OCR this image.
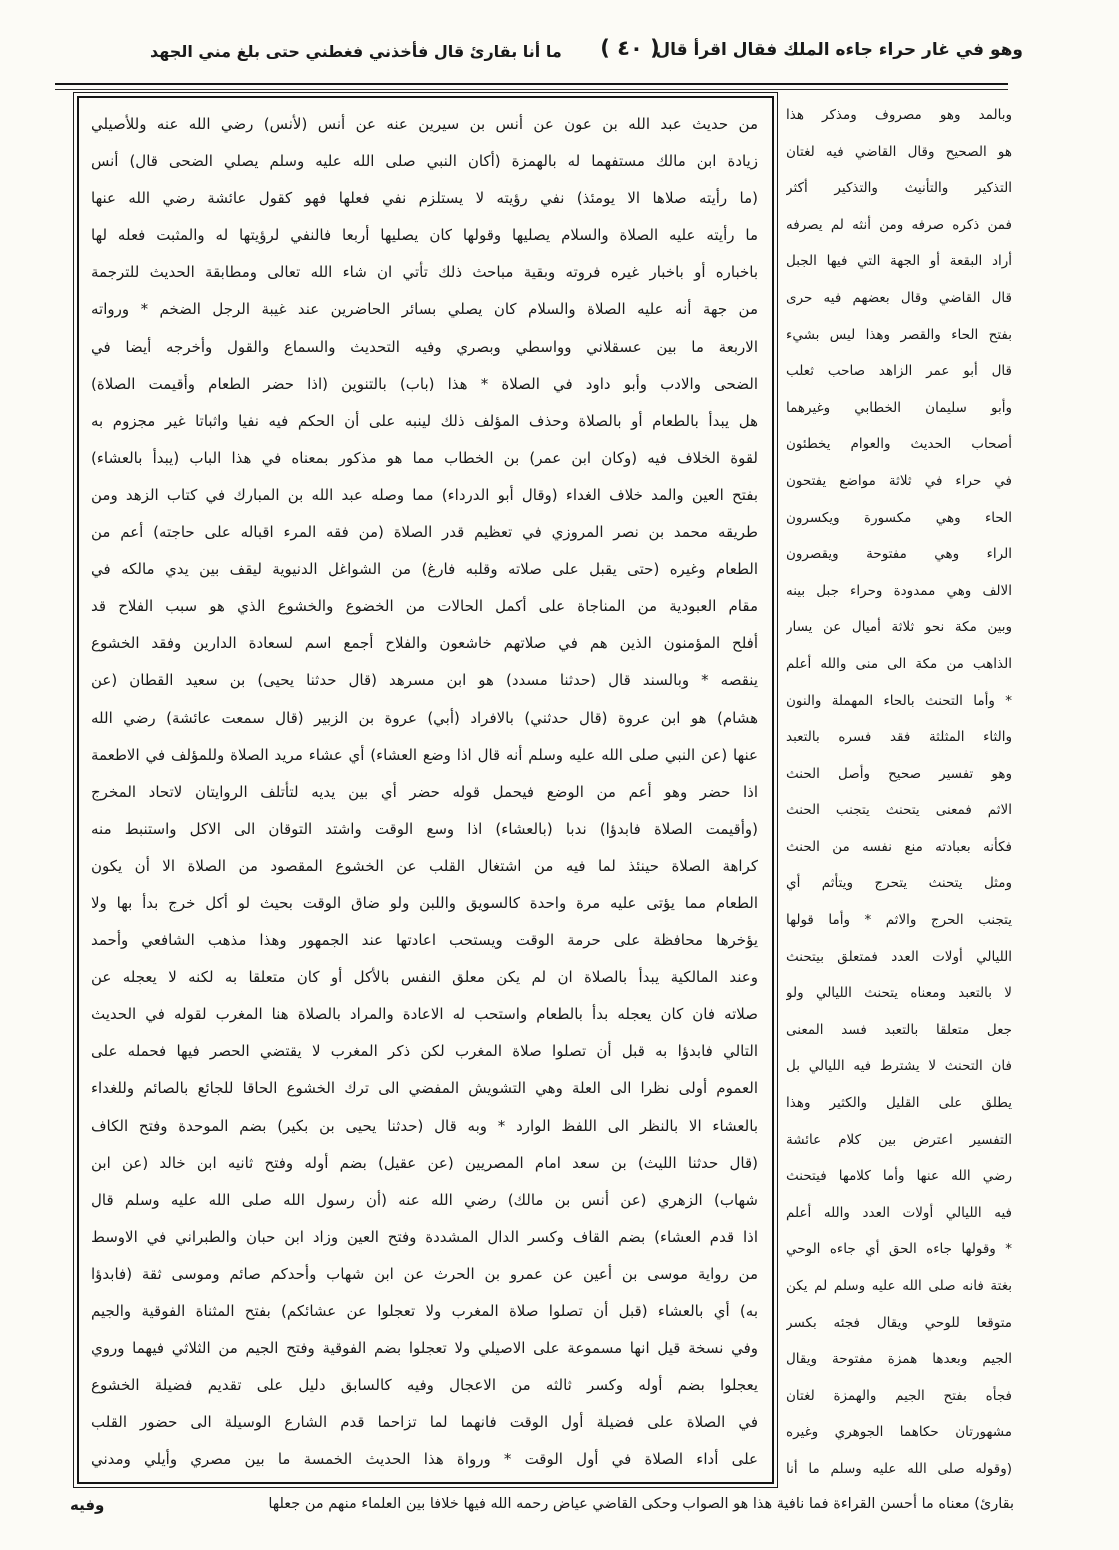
وهو في غار حراء جاءه الملك فقال اقرأ قال
( ٤٠ )
ما أنا بقارئ قال فأخذني فغطني حتى بلغ مني الجهد
من حديث عبد الله بن عون عن أنس بن سيرين عنه عن أنس (لأنس) رضي الله عنه وللأصيلي
زيادة ابن مالك مستفهما له بالهمزة (أكان النبي صلى الله عليه وسلم يصلي الضحى قال) أنس
(ما رأيته صلاها الا يومئذ) نفي رؤيته لا يستلزم نفي فعلها فهو كقول عائشة رضي الله عنها
ما رأيته عليه الصلاة والسلام يصليها وقولها كان يصليها أربعا فالنفي لرؤيتها له والمثبت فعله لها
باخباره أو باخبار غيره فروته وبقية مباحث ذلك تأتي ان شاء الله تعالى ومطابقة الحديث للترجمة
من جهة أنه عليه الصلاة والسلام كان يصلي بسائر الحاضرين عند غيبة الرجل الضخم * ورواته
الاربعة ما بين عسقلاني وواسطي وبصري وفيه التحديث والسماع والقول وأخرجه أيضا في
الضحى والادب وأبو داود في الصلاة * هذا (باب) بالتنوين (اذا حضر الطعام وأقيمت الصلاة)
هل يبدأ بالطعام أو بالصلاة وحذف المؤلف ذلك لينبه على أن الحكم فيه نفيا واثباتا غير مجزوم به
لقوة الخلاف فيه (وكان ابن عمر) بن الخطاب مما هو مذكور بمعناه في هذا الباب (يبدأ بالعشاء)
بفتح العين والمد خلاف الغداء (وقال أبو الدرداء) مما وصله عبد الله بن المبارك في كتاب الزهد ومن
طريقه محمد بن نصر المروزي في تعظيم قدر الصلاة (من فقه المرء اقباله على حاجته) أعم من
الطعام وغيره (حتى يقبل على صلاته وقلبه فارغ) من الشواغل الدنيوية ليقف بين يدي مالكه في
مقام العبودية من المناجاة على أكمل الحالات من الخضوع والخشوع الذي هو سبب الفلاح قد
أفلح المؤمنون الذين هم في صلاتهم خاشعون والفلاح أجمع اسم لسعادة الدارين وفقد الخشوع
ينقصه * وبالسند قال (حدثنا مسدد) هو ابن مسرهد (قال حدثنا يحيى) بن سعيد القطان (عن
هشام) هو ابن عروة (قال حدثني) بالافراد (أبي) عروة بن الزبير (قال سمعت عائشة) رضي الله
عنها (عن النبي صلى الله عليه وسلم أنه قال اذا وضع العشاء) أي عشاء مريد الصلاة وللمؤلف في الاطعمة
اذا حضر وهو أعم من الوضع فيحمل قوله حضر أي بين يديه لتأتلف الروايتان لاتحاد المخرج
(وأقيمت الصلاة فابدؤا) ندبا (بالعشاء) اذا وسع الوقت واشتد التوقان الى الاكل واستنبط منه
كراهة الصلاة حينئذ لما فيه من اشتغال القلب عن الخشوع المقصود من الصلاة الا أن يكون
الطعام مما يؤتى عليه مرة واحدة كالسويق واللبن ولو ضاق الوقت بحيث لو أكل خرج بدأ بها ولا
يؤخرها محافظة على حرمة الوقت ويستحب اعادتها عند الجمهور وهذا مذهب الشافعي وأحمد
وعند المالكية يبدأ بالصلاة ان لم يكن معلق النفس بالأكل أو كان متعلقا به لكنه لا يعجله عن
صلاته فان كان يعجله بدأ بالطعام واستحب له الاعادة والمراد بالصلاة هنا المغرب لقوله في الحديث
التالي فابدؤا به قبل أن تصلوا صلاة المغرب لكن ذكر المغرب لا يقتضي الحصر فيها فحمله على
العموم أولى نظرا الى العلة وهي التشويش المفضي الى ترك الخشوع الحاقا للجائع بالصائم وللغداء
بالعشاء الا بالنظر الى اللفظ الوارد * وبه قال (حدثنا يحيى بن بكير) بضم الموحدة وفتح الكاف
(قال حدثنا الليث) بن سعد امام المصريين (عن عقيل) بضم أوله وفتح ثانيه ابن خالد (عن ابن
شهاب) الزهري (عن أنس بن مالك) رضي الله عنه (أن رسول الله صلى الله عليه وسلم قال
اذا قدم العشاء) بضم القاف وكسر الدال المشددة وفتح العين وزاد ابن حبان والطبراني في الاوسط
من رواية موسى بن أعين عن عمرو بن الحرث عن ابن شهاب وأحدكم صائم وموسى ثقة (فابدؤا
به) أي بالعشاء (قبل أن تصلوا صلاة المغرب ولا تعجلوا عن عشائكم) بفتح المثناة الفوقية والجيم
وفي نسخة قيل انها مسموعة على الاصيلي ولا تعجلوا بضم الفوقية وفتح الجيم من الثلاثي فيهما وروي
يعجلوا بضم أوله وكسر ثالثه من الاعجال وفيه كالسابق دليل على تقديم فضيلة الخشوع
في الصلاة على فضيلة أول الوقت فانهما لما تزاحما قدم الشارع الوسيلة الى حضور القلب
على أداء الصلاة في أول الوقت * ورواة هذا الحديث الخمسة ما بين مصري وأيلي ومدني
وبالمد وهو مصروف ومذكر هذا
هو الصحيح وقال القاضي فيه لغتان
التذكير والتأنيث والتذكير أكثر
فمن ذكره صرفه ومن أنثه لم يصرفه
أراد البقعة أو الجهة التي فيها الجبل
قال القاضي وقال بعضهم فيه حرى
بفتح الحاء والقصر وهذا ليس بشيء
قال أبو عمر الزاهد صاحب ثعلب
وأبو سليمان الخطابي وغيرهما
أصحاب الحديث والعوام يخطئون
في حراء في ثلاثة مواضع يفتحون
الحاء وهي مكسورة ويكسرون
الراء وهي مفتوحة ويقصرون
الالف وهي ممدودة وحراء جبل بينه
وبين مكة نحو ثلاثة أميال عن يسار
الذاهب من مكة الى منى والله أعلم
* وأما التحنث بالحاء المهملة والنون
والثاء المثلثة فقد فسره بالتعبد
وهو تفسير صحيح وأصل الحنث
الاثم فمعنى يتحنث يتجنب الحنث
فكأنه بعبادته منع نفسه من الحنث
ومثل يتحنث يتحرج ويتأثم أي
يتجنب الحرج والاثم * وأما قولها
الليالي أولات العدد فمتعلق بيتحنث
لا بالتعبد ومعناه يتحنث الليالي ولو
جعل متعلقا بالتعبد فسد المعنى
فان التحنث لا يشترط فيه الليالي بل
يطلق على القليل والكثير وهذا
التفسير اعترض بين كلام عائشة
رضي الله عنها وأما كلامها فيتحنث
فيه الليالي أولات العدد والله أعلم
* وقولها جاءه الحق أي جاءه الوحي
بغتة فانه صلى الله عليه وسلم لم يكن
متوقعا للوحي ويقال فجئه بكسر
الجيم وبعدها همزة مفتوحة ويقال
فجأه بفتح الجيم والهمزة لغتان
مشهورتان حكاهما الجوهري وغيره
(وقوله صلى الله عليه وسلم ما أنا
بقارئ) معناه ما أحسن القراءة فما نافية هذا هو الصواب وحكى القاضي عياض رحمه الله فيها خلافا بين العلماء منهم من جعلها
وفيه
